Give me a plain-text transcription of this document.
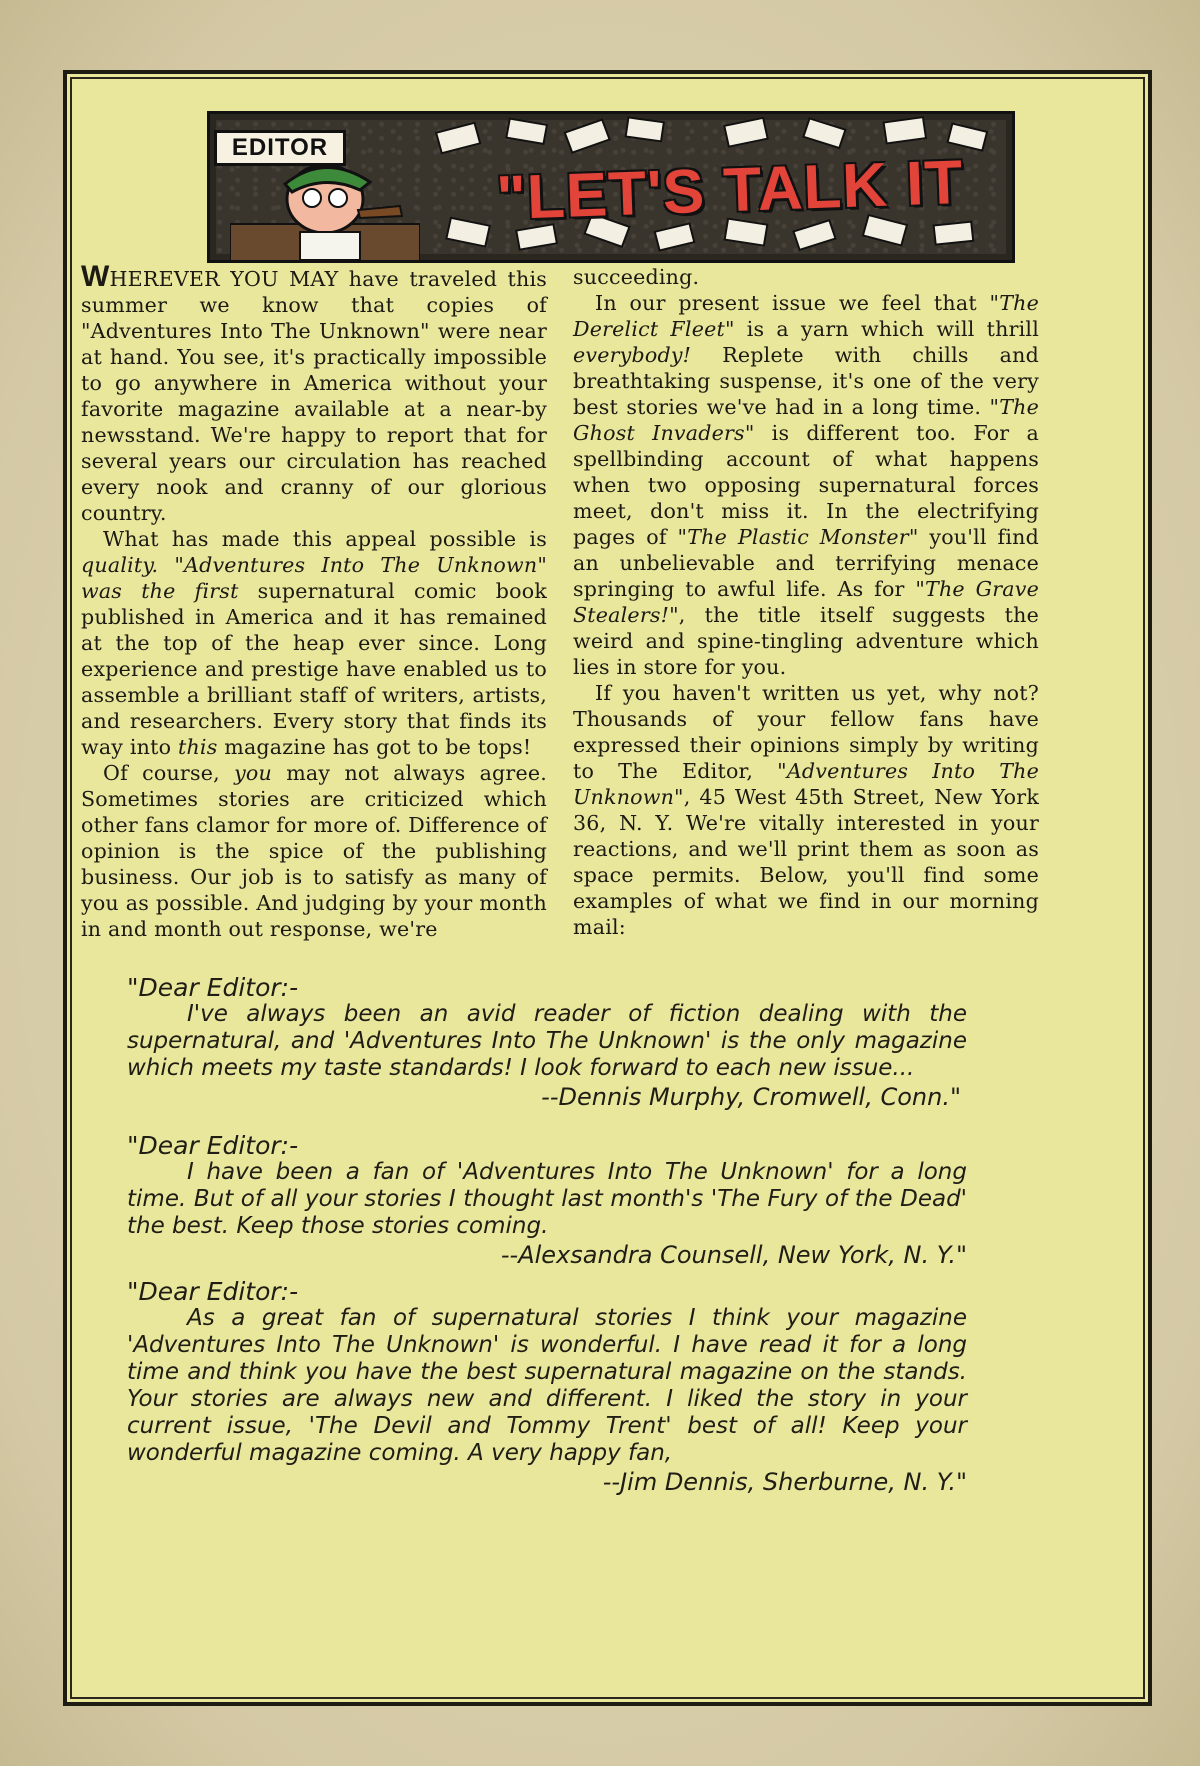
EDITOR
"LET'S TALK IT

WHEREVER YOU MAY have traveled this summer we know that copies of "Adventures Into The Unknown" were near at hand. You see, it's practically impossible to go anywhere in America without your favorite magazine available at a near-by newsstand. We're happy to report that for several years our circulation has reached every nook and cranny of our glorious country.

What has made this appeal possible is quality. "Adventures Into The Unknown" was the first supernatural comic book published in America and it has remained at the top of the heap ever since. Long experience and prestige have enabled us to assemble a brilliant staff of writers, artists, and researchers. Every story that finds its way into this magazine has got to be tops!

Of course, you may not always agree. Sometimes stories are criticized which other fans clamor for more of. Difference of opinion is the spice of the publishing business. Our job is to satisfy as many of you as possible. And judging by your month in and month out response, we're

succeeding.

In our present issue we feel that "The Derelict Fleet" is a yarn which will thrill everybody! Replete with chills and breathtaking suspense, it's one of the very best stories we've had in a long time. "The Ghost Invaders" is different too. For a spellbinding account of what happens when two opposing supernatural forces meet, don't miss it. In the electrifying pages of "The Plastic Monster" you'll find an unbelievable and terrifying menace springing to awful life. As for "The Grave Stealers!", the title itself suggests the weird and spine-tingling adventure which lies in store for you.

If you haven't written us yet, why not? Thousands of your fellow fans have expressed their opinions simply by writing to The Editor, "Adventures Into The Unknown", 45 West 45th Street, New York 36, N. Y. We're vitally interested in your reactions, and we'll print them as soon as space permits. Below, you'll find some examples of what we find in our morning mail:

"Dear Editor:-
I've always been an avid reader of fiction dealing with the supernatural, and 'Adventures Into The Unknown' is the only magazine which meets my taste standards! I look forward to each new issue...
--Dennis Murphy, Cromwell, Conn."
"Dear Editor:-
I have been a fan of 'Adventures Into The Unknown' for a long time. But of all your stories I thought last month's 'The Fury of the Dead' the best. Keep those stories coming.
--Alexsandra Counsell, New York, N. Y."
"Dear Editor:-
As a great fan of supernatural stories I think your magazine 'Adventures Into The Unknown' is wonderful. I have read it for a long time and think you have the best supernatural magazine on the stands. Your stories are always new and different. I liked the story in your current issue, 'The Devil and Tommy Trent' best of all! Keep your wonderful magazine coming. A very happy fan,
--Jim Dennis, Sherburne, N. Y."
